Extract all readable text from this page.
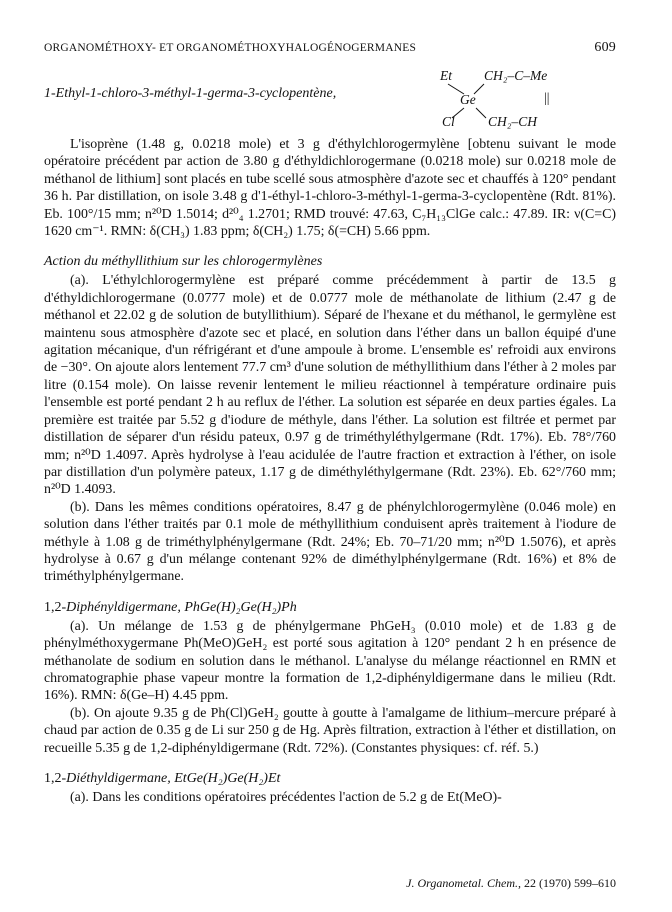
ORGANOMÉTHOXY- ET ORGANOMÉTHOXYHALOGÉNOGERMANES	609
1-Ethyl-1-chloro-3-méthyl-1-germa-3-cyclopentène,
Et CH₂–C–Me
Ge	||
Cl CH₂–CH

L'isoprène (1.48 g, 0.0218 mole) et 3 g d'éthylchlorogermylène [obtenu suivant le mode opératoire précédent par action de 3.80 g d'éthyldichlorogermane (0.0218 mole) sur 0.0218 mole de méthanol de lithium] sont placés en tube scellé sous atmosphère d'azote sec et chauffés à 120° pendant 36 h. Par distillation, on isole 3.48 g d'1-éthyl-1-chloro-3-méthyl-1-germa-3-cyclopentène (Rdt. 81%). Eb. 100°/15 mm; n²⁰D 1.5014; d²⁰₄ 1.2701; RMD trouvé: 47.63, C₇H₁₃ClGe calc.: 47.89. IR: ν(C=C) 1620 cm⁻¹. RMN: δ(CH₃) 1.83 ppm; δ(CH₂) 1.75; δ(=CH) 5.66 ppm.

Action du méthyllithium sur les chlorogermylènes

(a). L'éthylchlorogermylène est préparé comme précédemment à partir de 13.5 g d'éthyldichlorogermane (0.0777 mole) et de 0.0777 mole de méthanolate de lithium (2.47 g de méthanol et 22.02 g de solution de butyllithium). Séparé de l'hexane et du méthanol, le germylène est maintenu sous atmosphère d'azote sec et placé, en solution dans l'éther dans un ballon équipé d'une agitation mécanique, d'un réfrigérant et d'une ampoule à brome. L'ensemble es' refroidi aux environs de −30°. On ajoute alors lentement 77.7 cm³ d'une solution de méthyllithium dans l'éther à 2 moles par litre (0.154 mole). On laisse revenir lentement le milieu réactionnel à température ordinaire puis l'ensemble est porté pendant 2 h au reflux de l'éther. La solution est séparée en deux parties égales. La première est traitée par 5.52 g d'iodure de méthyle, dans l'éther. La solution est filtrée et permet par distillation de séparer d'un résidu pateux, 0.97 g de triméthyléthylgermane (Rdt. 17%). Eb. 78°/760 mm; n²⁰D 1.4097. Après hydrolyse à l'eau acidulée de l'autre fraction et extraction à l'éther, on isole par distillation d'un polymère pateux, 1.17 g de diméthyléthylgermane (Rdt. 23%). Eb. 62°/760 mm; n²⁰D 1.4093.

(b). Dans les mêmes conditions opératoires, 8.47 g de phénylchlorogermylène (0.046 mole) en solution dans l'éther traités par 0.1 mole de méthyllithium conduisent après traitement à l'iodure de méthyle à 1.08 g de triméthylphénylgermane (Rdt. 24%; Eb. 70–71/20 mm; n²⁰D 1.5076), et après hydrolyse à 0.67 g d'un mélange contenant 92% de diméthylphénylgermane (Rdt. 16%) et 8% de triméthylphénylgermane.

1,2-Diphényldigermane, PhGe(H)₂Ge(H₂)Ph

(a). Un mélange de 1.53 g de phénylgermane PhGeH₃ (0.010 mole) et de 1.83 g de phénylméthoxygermane Ph(MeO)GeH₂ est porté sous agitation à 120° pendant 2 h en présence de méthanolate de sodium en solution dans le méthanol. L'analyse du mélange réactionnel en RMN et chromatographie phase vapeur montre la formation de 1,2-diphényldigermane dans le milieu (Rdt. 16%). RMN: δ(Ge–H) 4.45 ppm.

(b). On ajoute 9.35 g de Ph(Cl)GeH₂ goutte à goutte à l'amalgame de lithium–mercure préparé à chaud par action de 0.35 g de Li sur 250 g de Hg. Après filtration, extraction à l'éther et distillation, on recueille 5.35 g de 1,2-diphényldigermane (Rdt. 72%). (Constantes physiques: cf. réf. 5.)

1,2-Diéthyldigermane, EtGe(H₂)Ge(H₂)Et

(a). Dans les conditions opératoires précédentes l'action de 5.2 g de Et(MeO)-

J. Organometal. Chem., 22 (1970) 599–610
